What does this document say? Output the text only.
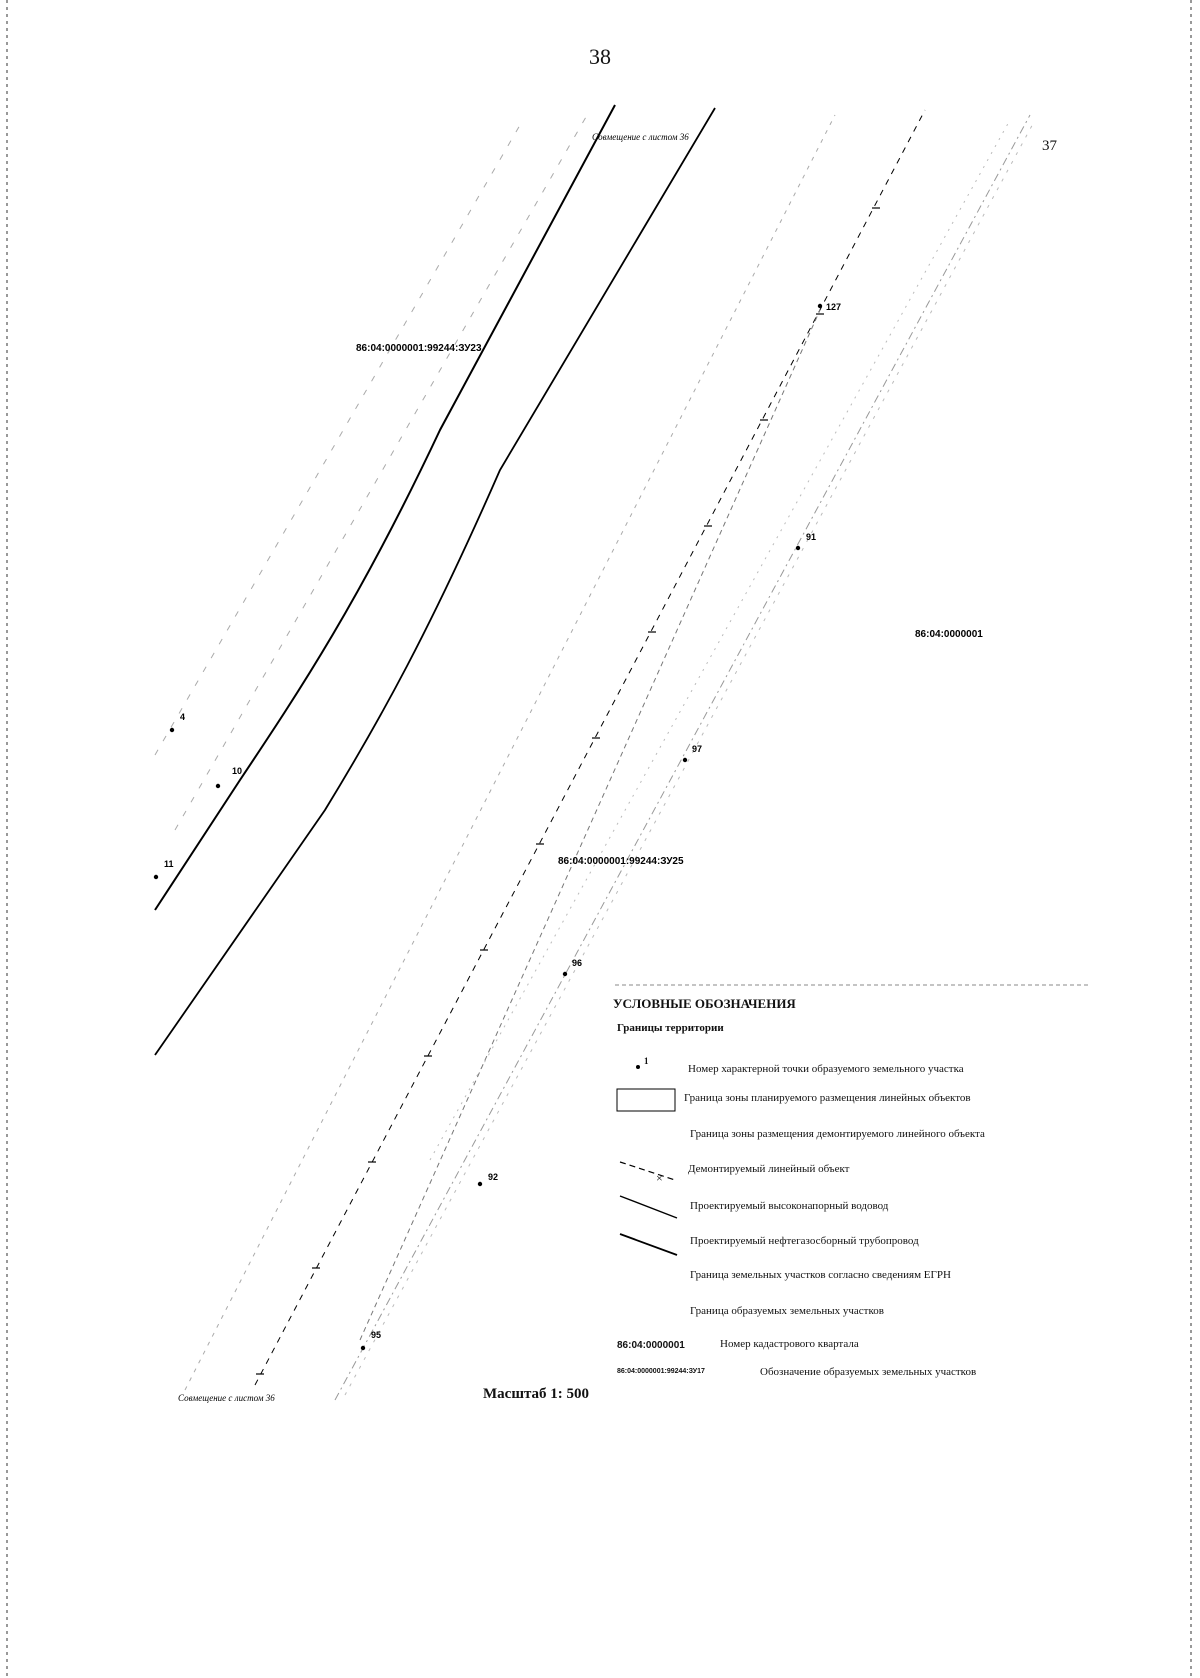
38
37
4
10
11
127
91
97
96
92
95
86:04:0000001:99244:ЗУ23
86:04:0000001:99244:ЗУ25
86:04:0000001
Совмещение с листом 36
Совмещение с листом 36
×
Масштаб 1: 500
УСЛОВНЫЕ ОБОЗНАЧЕНИЯ
Границы территории
1
Номер характерной точки образуемого земельного участка
Граница зоны планируемого размещения линейных объектов
Граница зоны размещения демонтируемого линейного объекта
Демонтируемый линейный объект
Проектируемый высоконапорный водовод
Проектируемый нефтегазосборный трубопровод
Граница земельных участков согласно сведениям ЕГРН
Граница образуемых земельных участков
86:04:0000001	Номер кадастрового квартала
86:04:0000001:99244:ЗУ17	Обозначение образуемых земельных участков
